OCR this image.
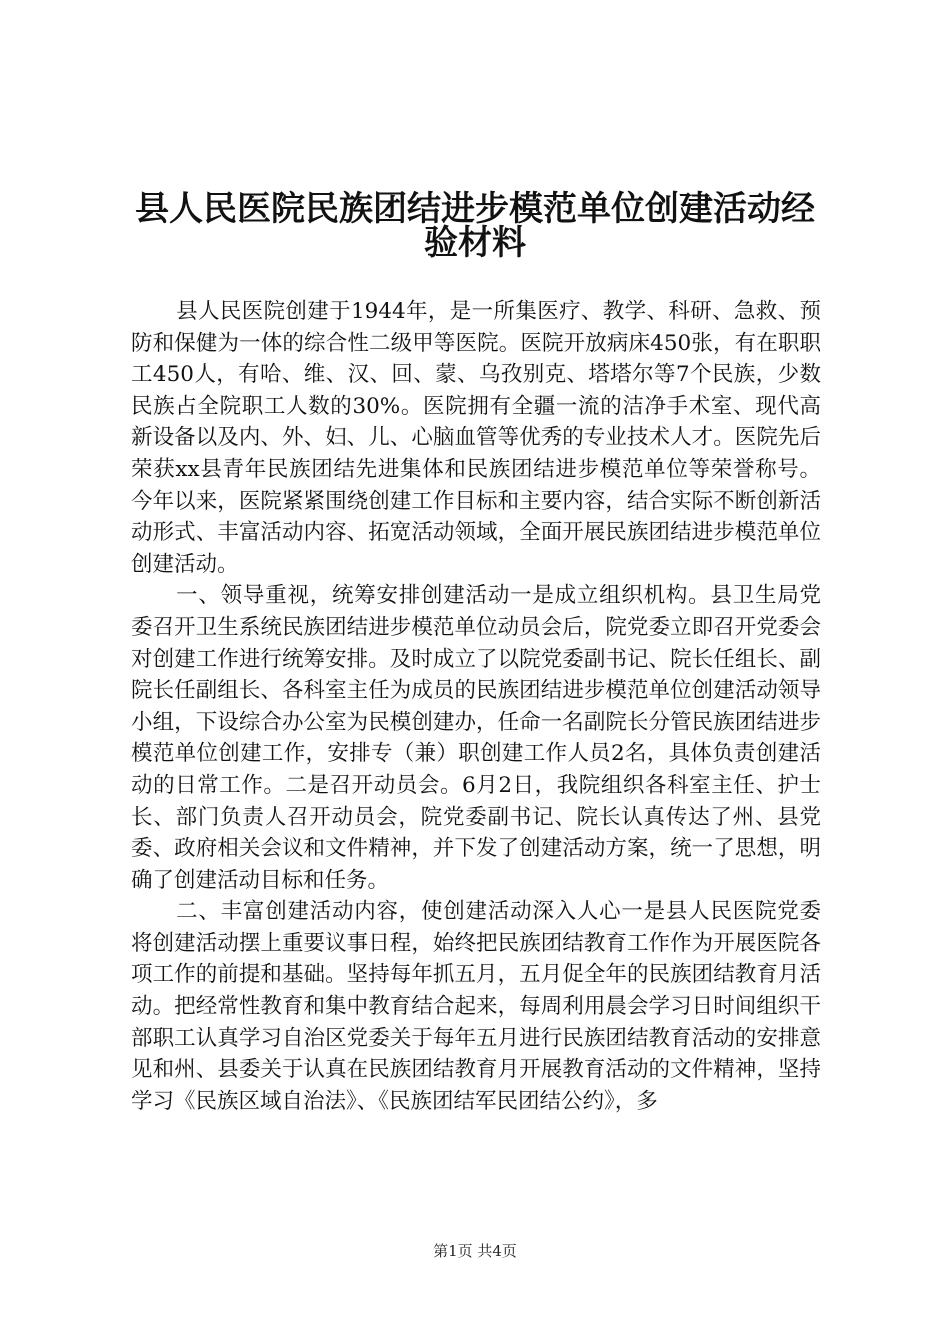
县人民医院民族团结进步模范单位创建活动经
验材料

县人民医院创建于1944年，是一所集医疗、教学、科研、急救、预防和保健为一体的综合性二级甲等医院。医院开放病床450张，有在职职工450人，有哈、维、汉、回、蒙、乌孜别克、塔塔尔等7个民族，少数民族占全院职工人数的30%。医院拥有全疆一流的洁净手术室、现代高新设备以及内、外、妇、儿、心脑血管等优秀的专业技术人才。医院先后荣获xx县青年民族团结先进集体和民族团结进步模范单位等荣誉称号。今年以来，医院紧紧围绕创建工作目标和主要内容，结合实际不断创新活动形式、丰富活动内容、拓宽活动领域，全面开展民族团结进步模范单位创建活动。

一、领导重视，统筹安排创建活动一是成立组织机构。县卫生局党委召开卫生系统民族团结进步模范单位动员会后，院党委立即召开党委会对创建工作进行统筹安排。及时成立了以院党委副书记、院长任组长、副院长任副组长、各科室主任为成员的民族团结进步模范单位创建活动领导小组，下设综合办公室为民模创建办，任命一名副院长分管民族团结进步模范单位创建工作，安排专（兼）职创建工作人员2名，具体负责创建活动的日常工作。二是召开动员会。6月2日，我院组织各科室主任、护士长、部门负责人召开动员会，院党委副书记、院长认真传达了州、县党委、政府相关会议和文件精神，并下发了创建活动方案，统一了思想，明确了创建活动目标和任务。

二、丰富创建活动内容，使创建活动深入人心一是县人民医院党委将创建活动摆上重要议事日程，始终把民族团结教育工作作为开展医院各项工作的前提和基础。坚持每年抓五月，五月促全年的民族团结教育月活动。把经常性教育和集中教育结合起来，每周利用晨会学习日时间组织干部职工认真学习自治区党委关于每年五月进行民族团结教育活动的安排意见和州、县委关于认真在民族团结教育月开展教育活动的文件精神，坚持学习《民族区域自治法》、《民族团结军民团结公约》，多

第1页 共4页
